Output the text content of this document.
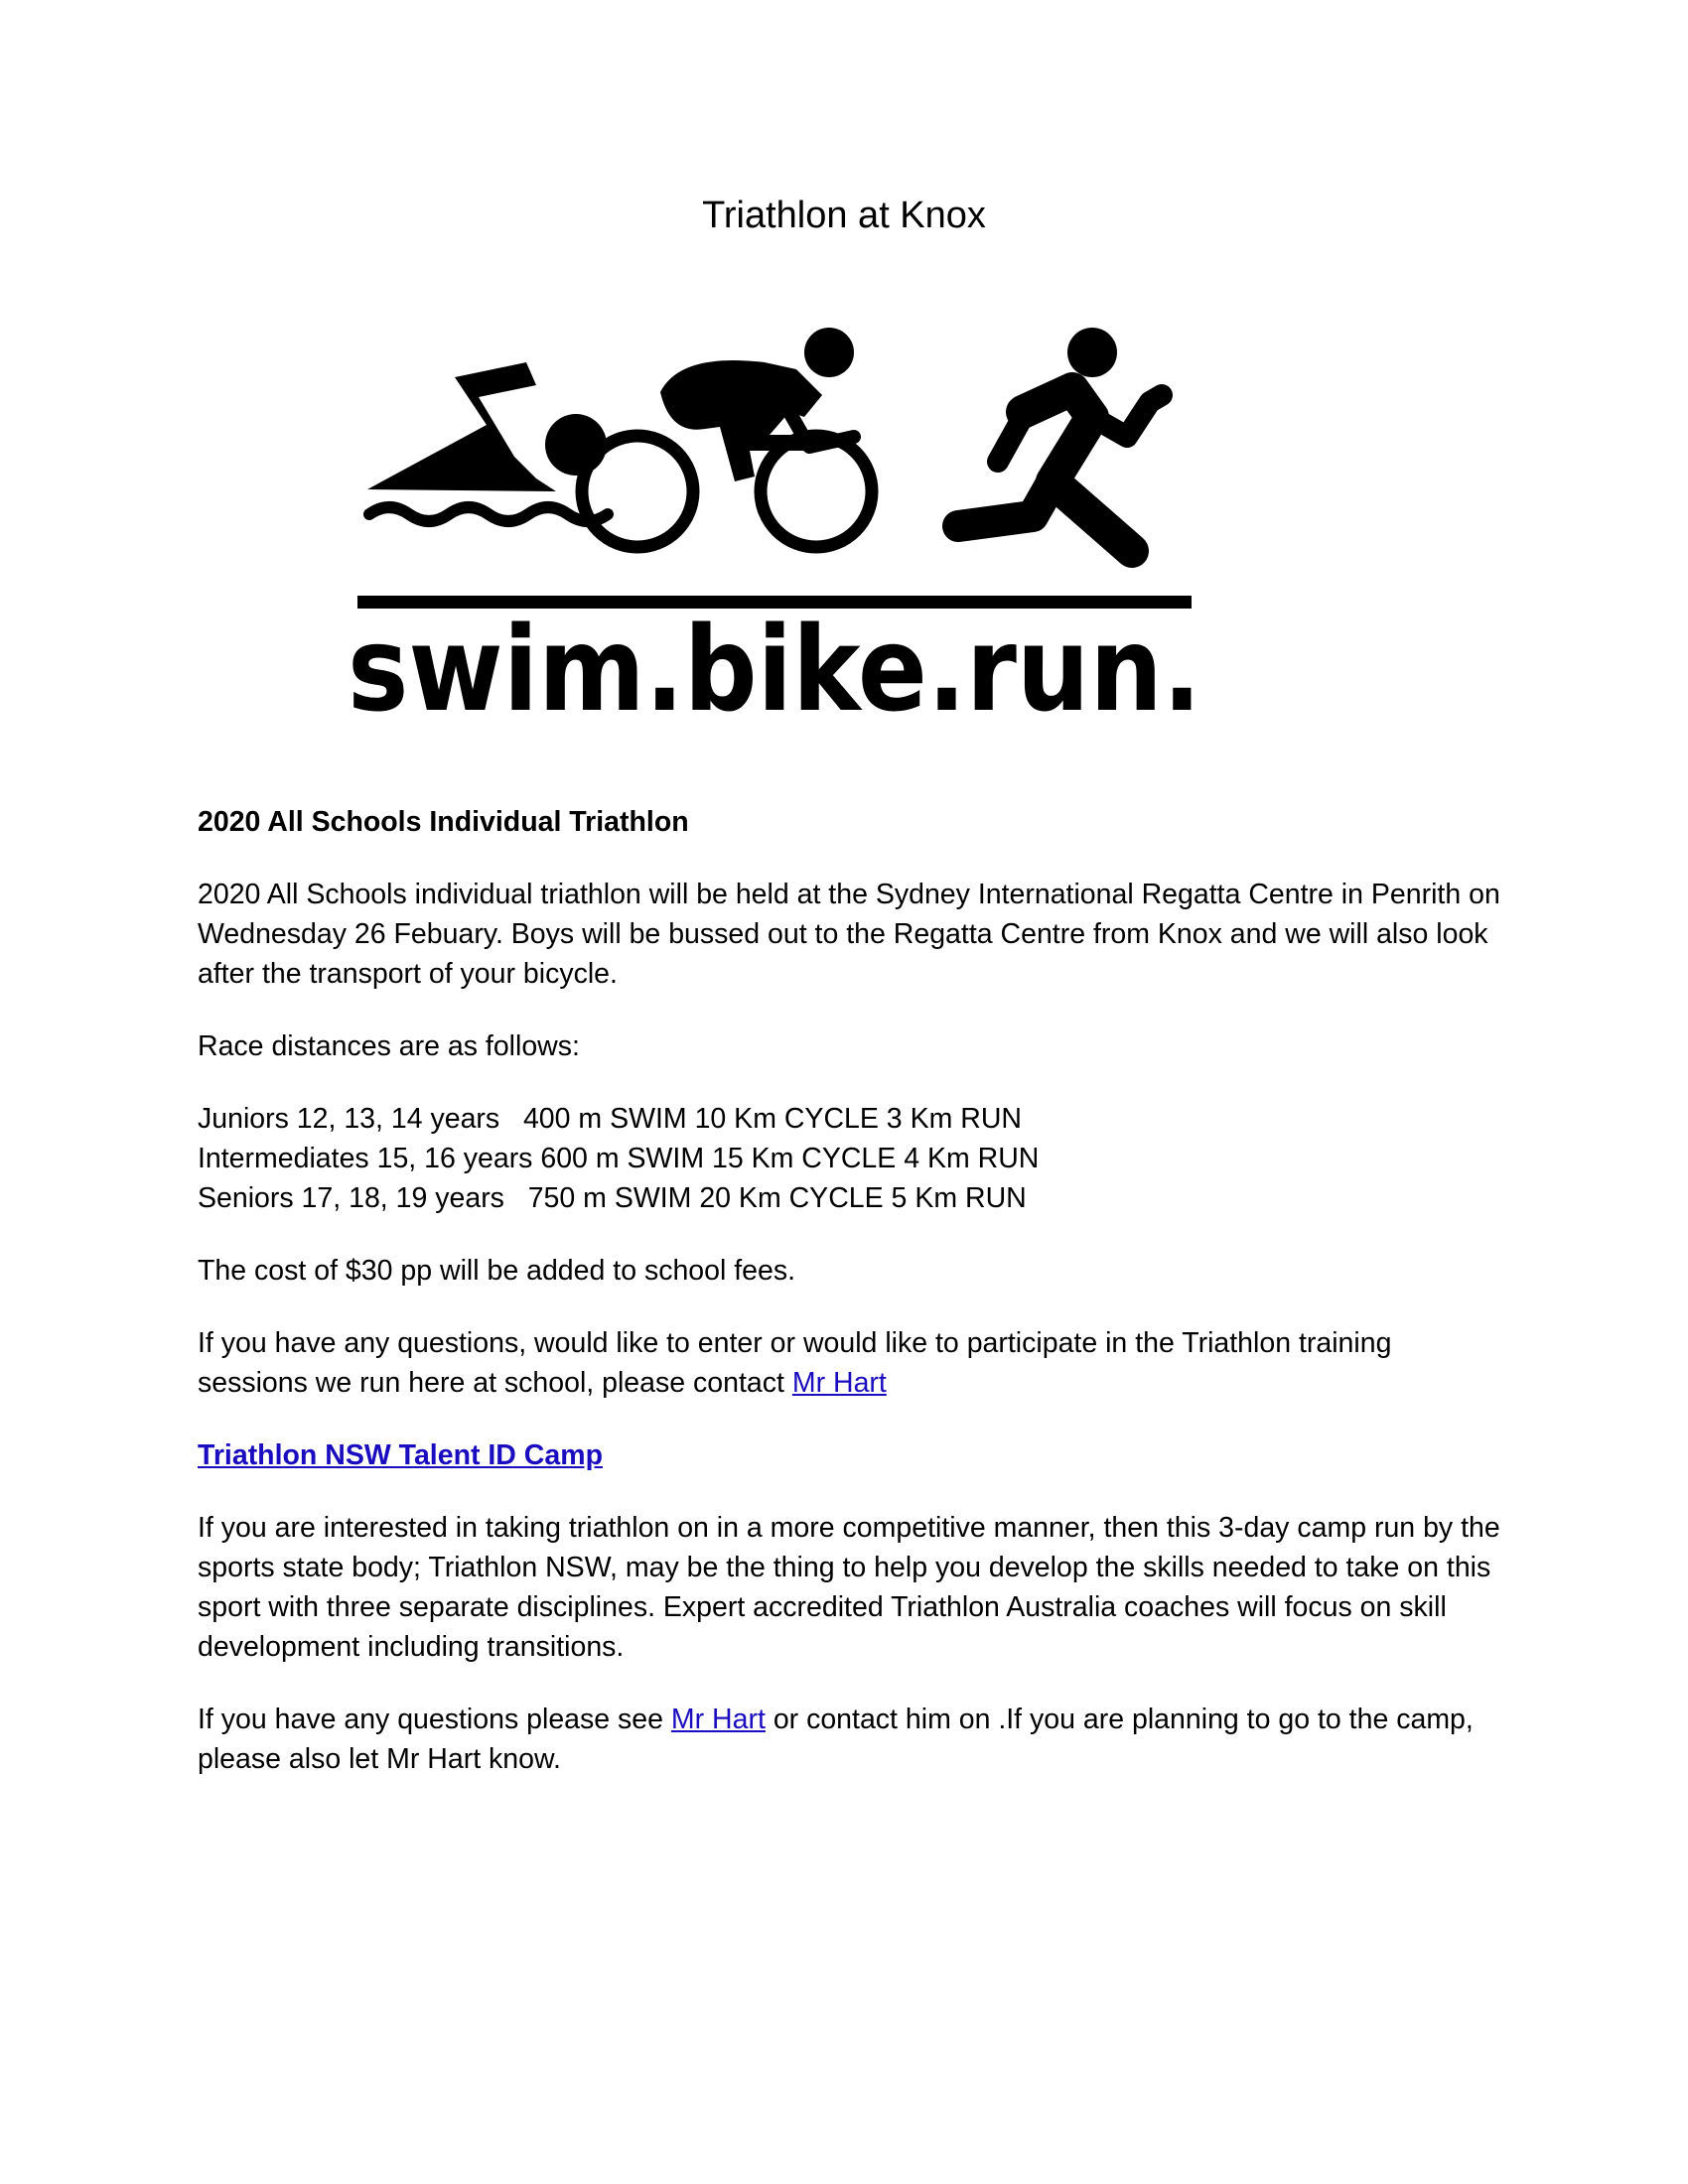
Triathlon at Knox
swim.bike.run.

2020 All Schools Individual Triathlon

2020 All Schools individual triathlon will be held at the Sydney International Regatta Centre in Penrith on Wednesday 26 Febuary. Boys will be bussed out to the Regatta Centre from Knox and we will also look after the transport of your bicycle.

Race distances are as follows:

Juniors 12, 13, 14 years 400 m SWIM 10 Km CYCLE 3 Km RUN
Intermediates 15, 16 years 600 m SWIM 15 Km CYCLE 4 Km RUN
Seniors 17, 18, 19 years 750 m SWIM 20 Km CYCLE 5 Km RUN

The cost of $30 pp will be added to school fees.

If you have any questions, would like to enter or would like to participate in the Triathlon training sessions we run here at school, please contact Mr Hart

Triathlon NSW Talent ID Camp

If you are interested in taking triathlon on in a more competitive manner, then this 3-day camp run by the sports state body; Triathlon NSW, may be the thing to help you develop the skills needed to take on this sport with three separate disciplines. Expert accredited Triathlon Australia coaches will focus on skill development including transitions.

If you have any questions please see Mr Hart or contact him on .If you are planning to go to the camp, please also let Mr Hart know.
